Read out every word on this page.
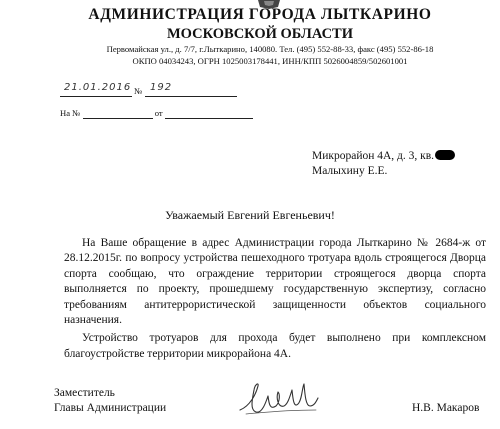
АДМИНИСТРАЦИЯ ГОРОДА ЛЫТКАРИНО
МОСКОВСКОЙ ОБЛАСТИ
Первомайская ул., д. 7/7, г.Лыткарино, 140080. Тел. (495) 552-88-33, факс (495) 552-86-18
ОКПО 04034243, ОГРН 1025003178441, ИНН/КПП 5026004859/502601001
№
21.01.2016 192
На №	от
Микрорайон 4А, д. 3, кв.
Малыхину Е.Е.
Уважаемый Евгений Евгеньевич!

На Ваше обращение в адрес Администрации города Лыткарино № 2684-ж от 28.12.2015г. по вопросу устройства пешеходного тротуара вдоль строящегося Дворца спорта сообщаю, что ограждение территории строящегося дворца спорта выполняется по проекту, прошедшему государственную экспертизу, согласно требованиям антитеррористической защищенности объектов социального назначения.

Устройство тротуаров для прохода будет выполнено при комплексном благоустройстве территории микрорайона 4А.

Заместитель
Главы Администрации	Н.В. Макаров
